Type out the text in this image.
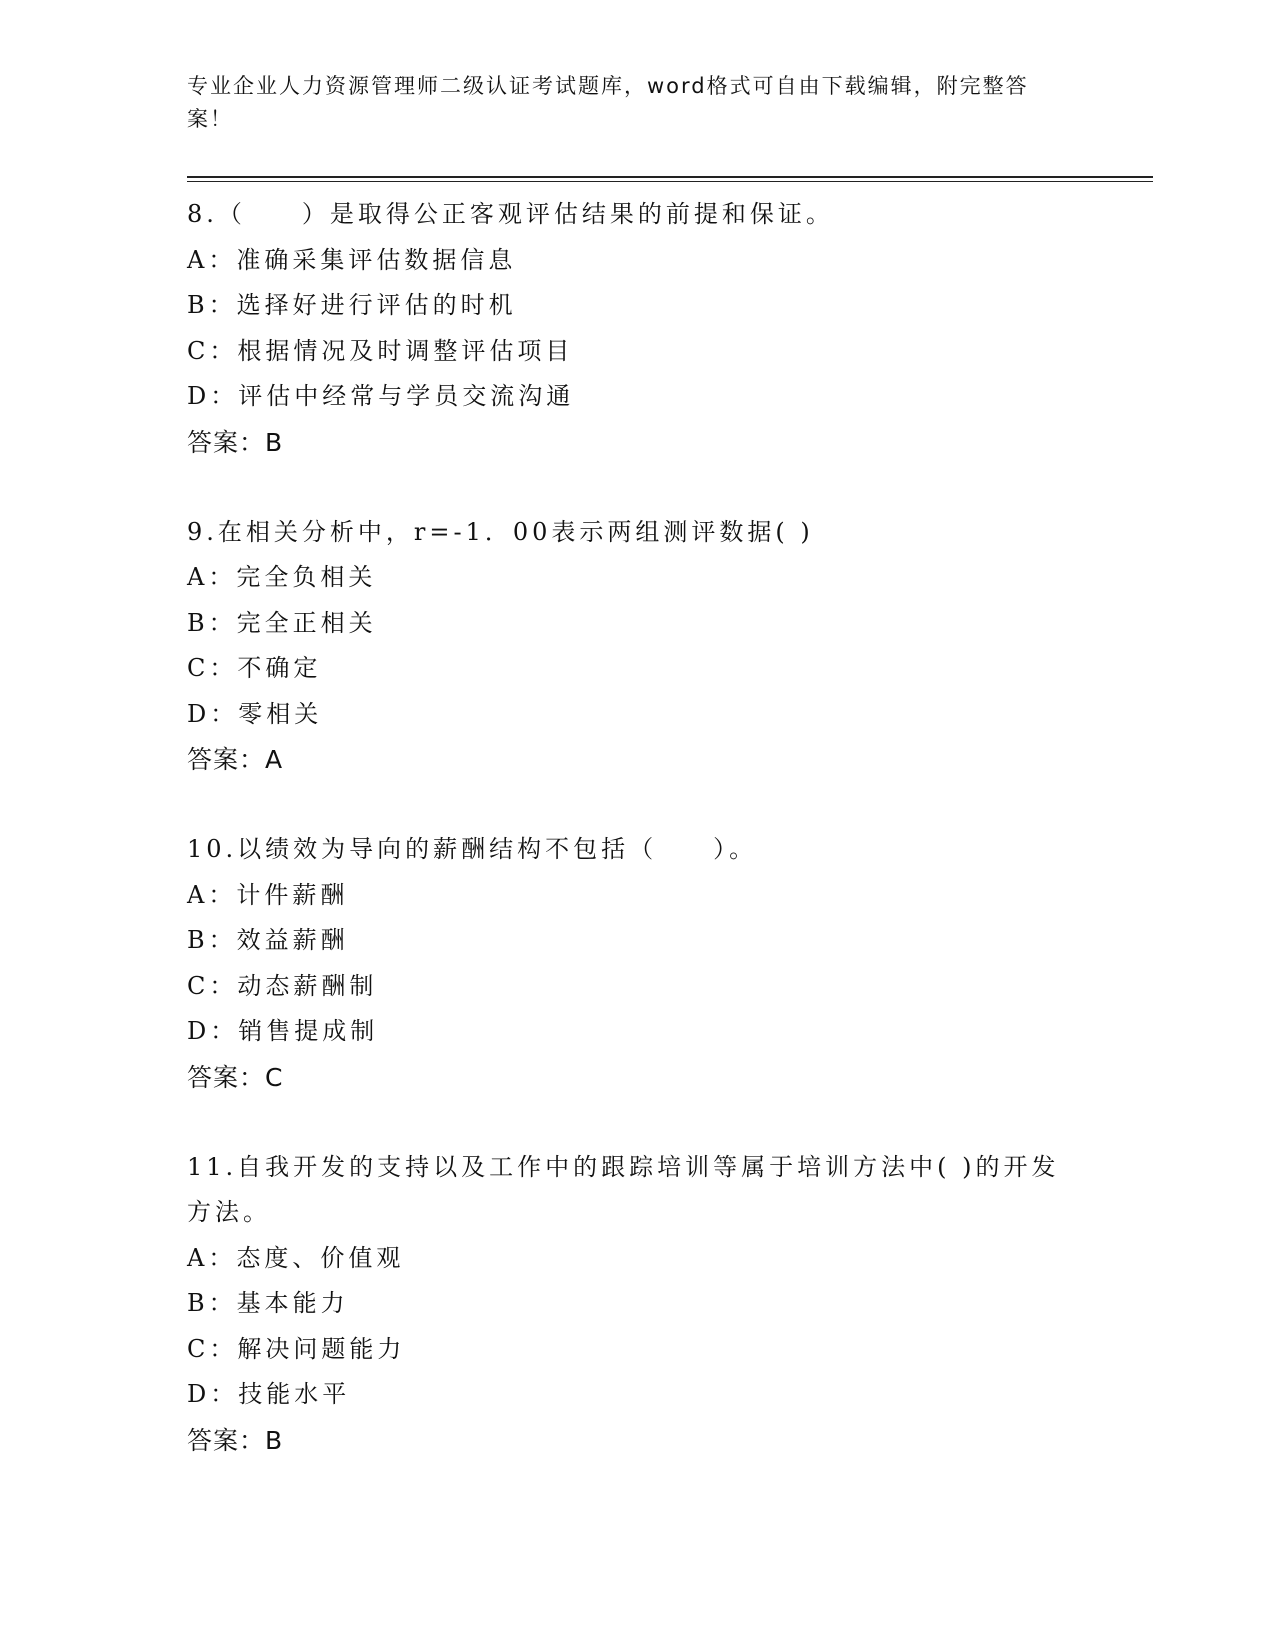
专业企业人力资源管理师二级认证考试题库，word格式可自由下载编辑，附完整答案！
8.（　　）是取得公正客观评估结果的前提和保证。
A：准确采集评估数据信息
B：选择好进行评估的时机
C：根据情况及时调整评估项目
D：评估中经常与学员交流沟通
答案：B
9.在相关分析中，r=-1．00表示两组测评数据( )
A：完全负相关
B：完全正相关
C：不确定
D：零相关
答案：A
10.以绩效为导向的薪酬结构不包括（　　）。
A：计件薪酬
B：效益薪酬
C：动态薪酬制
D：销售提成制
答案：C
11.自我开发的支持以及工作中的跟踪培训等属于培训方法中( )的开发方法。
A：态度、价值观
B：基本能力
C：解决问题能力
D：技能水平
答案：B
